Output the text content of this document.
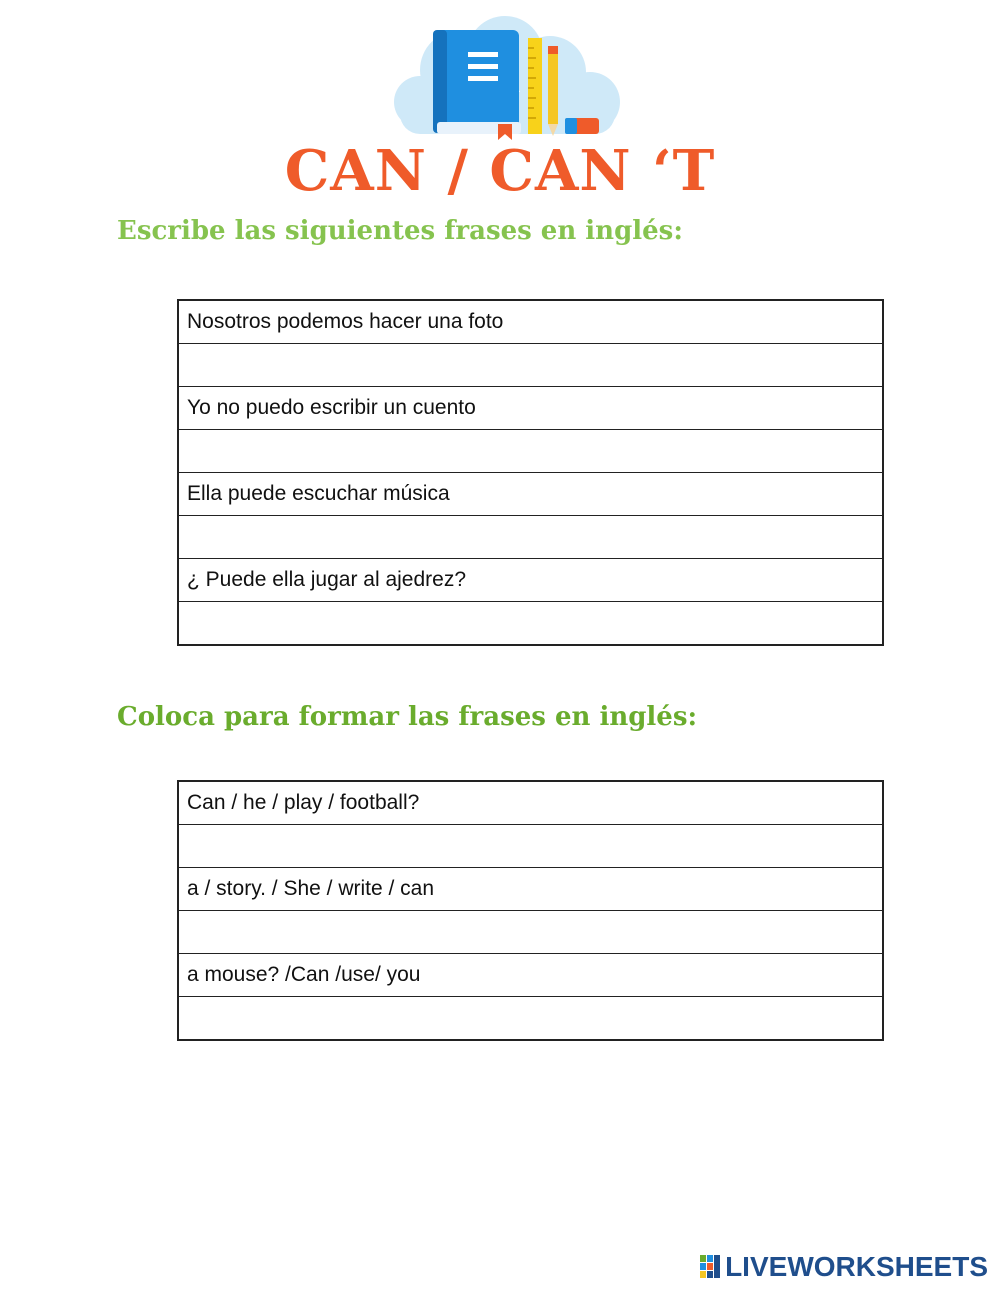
CAN / CAN ‘T
Escribe las siguientes frases en inglés:
Nosotros podemos hacer una foto

Yo no puedo escribir un cuento

Ella puede escuchar música

¿ Puede ella jugar al ajedrez?

Coloca para formar las frases en inglés:
Can / he / play / football?

a / story. / She / write / can

a mouse? /Can /use/ you

LIVEWORKSHEETS
